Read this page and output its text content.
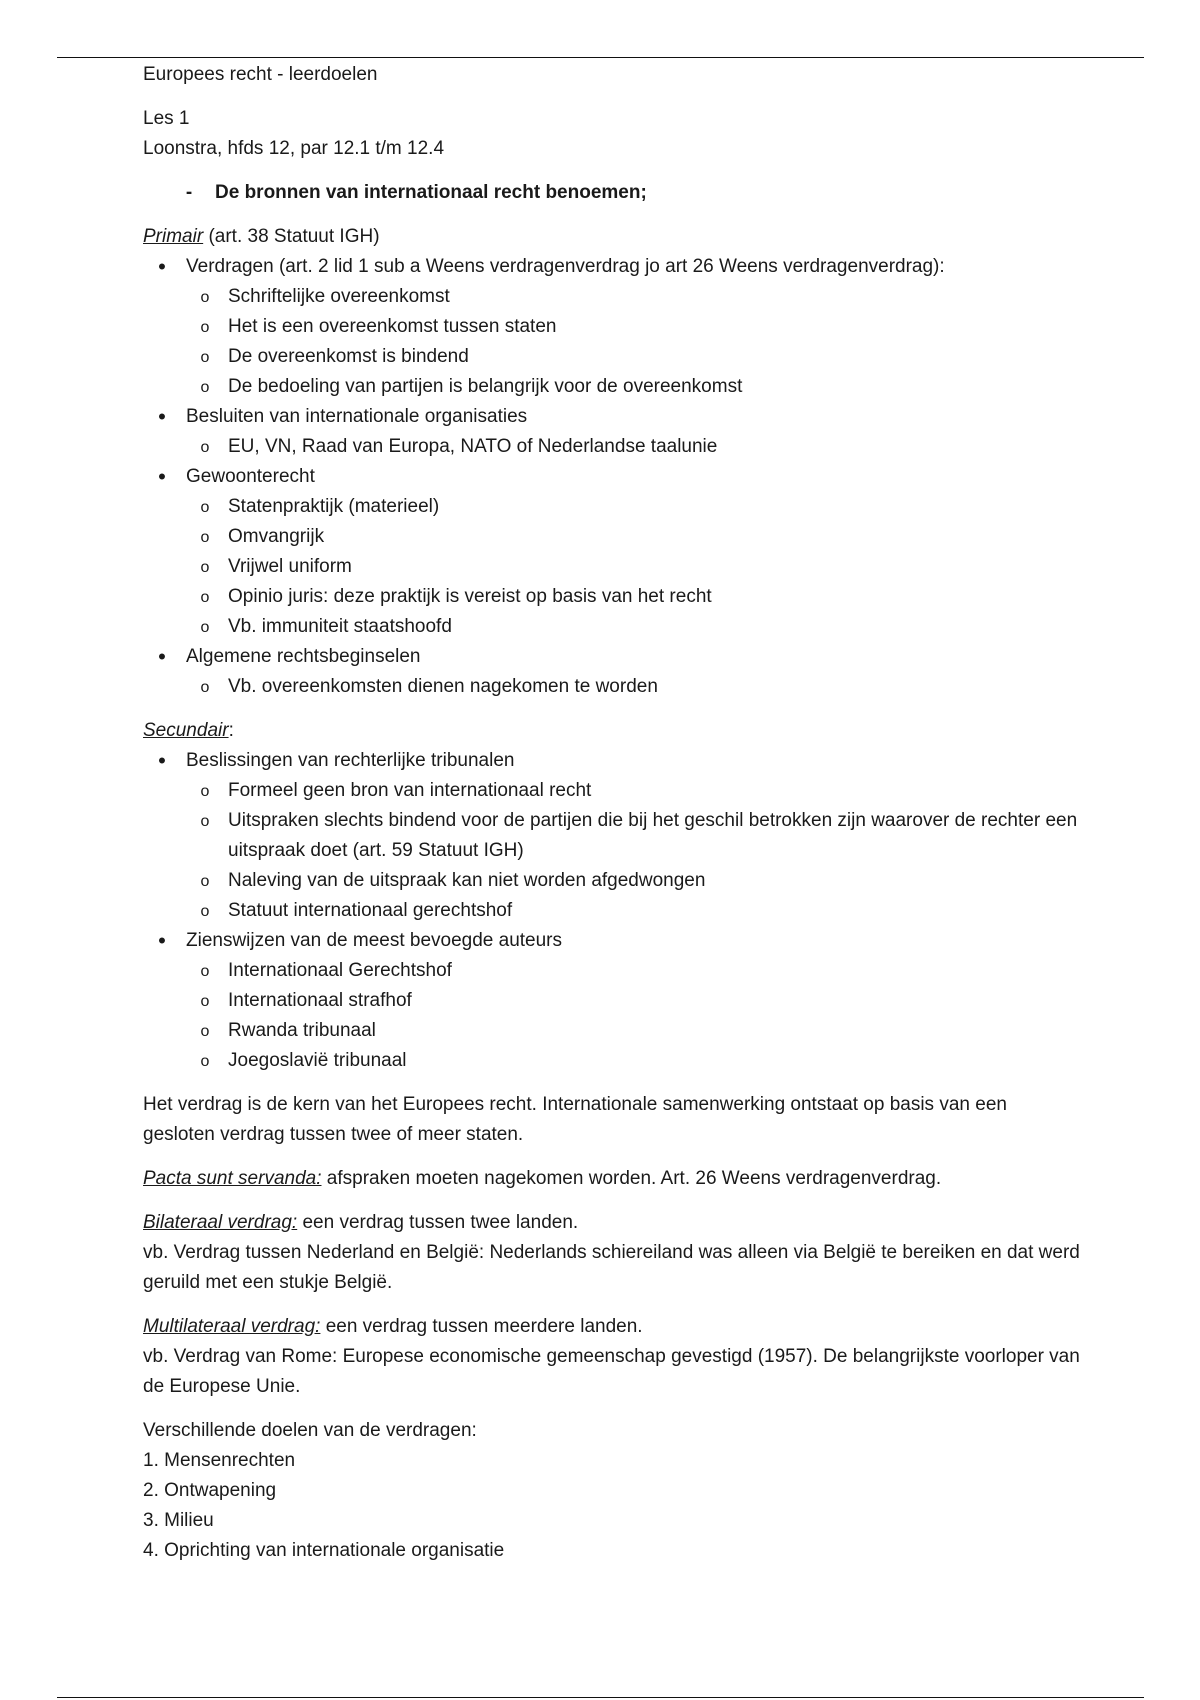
Europees recht - leerdoelen

Les 1

Loonstra, hfds 12, par 12.1 t/m 12.4

-
De bronnen van internationaal recht benoemen;

Primair (art. 38 Statuut IGH)

•
Verdragen (art. 2 lid 1 sub a Weens verdragenverdrag jo art 26 Weens verdragenverdrag):
o
Schriftelijke overeenkomst
o
Het is een overeenkomst tussen staten
o
De overeenkomst is bindend
o
De bedoeling van partijen is belangrijk voor de overeenkomst
•
Besluiten van internationale organisaties
o
EU, VN, Raad van Europa, NATO of Nederlandse taalunie
•
Gewoonterecht
o
Statenpraktijk (materieel)
o
Omvangrijk
o
Vrijwel uniform
o
Opinio juris: deze praktijk is vereist op basis van het recht
o
Vb. immuniteit staatshoofd
•
Algemene rechtsbeginselen
o
Vb. overeenkomsten dienen nagekomen te worden

Secundair:

•
Beslissingen van rechterlijke tribunalen
o
Formeel geen bron van internationaal recht
o
Uitspraken slechts bindend voor de partijen die bij het geschil betrokken zijn waarover de rechter een uitspraak doet (art. 59 Statuut IGH)
o
Naleving van de uitspraak kan niet worden afgedwongen
o
Statuut internationaal gerechtshof
•
Zienswijzen van de meest bevoegde auteurs
o
Internationaal Gerechtshof
o
Internationaal strafhof
o
Rwanda tribunaal
o
Joegoslavië tribunaal

Het verdrag is de kern van het Europees recht. Internationale samenwerking ontstaat op basis van een gesloten verdrag tussen twee of meer staten.

Pacta sunt servanda: afspraken moeten nagekomen worden. Art. 26 Weens verdragenverdrag.

Bilateraal verdrag: een verdrag tussen twee landen.

vb. Verdrag tussen Nederland en België: Nederlands schiereiland was alleen via België te bereiken en dat werd geruild met een stukje België.

Multilateraal verdrag: een verdrag tussen meerdere landen.

vb. Verdrag van Rome: Europese economische gemeenschap gevestigd (1957). De belangrijkste voorloper van de Europese Unie.

Verschillende doelen van de verdragen:

1. Mensenrechten

2. Ontwapening

3. Milieu

4. Oprichting van internationale organisatie
